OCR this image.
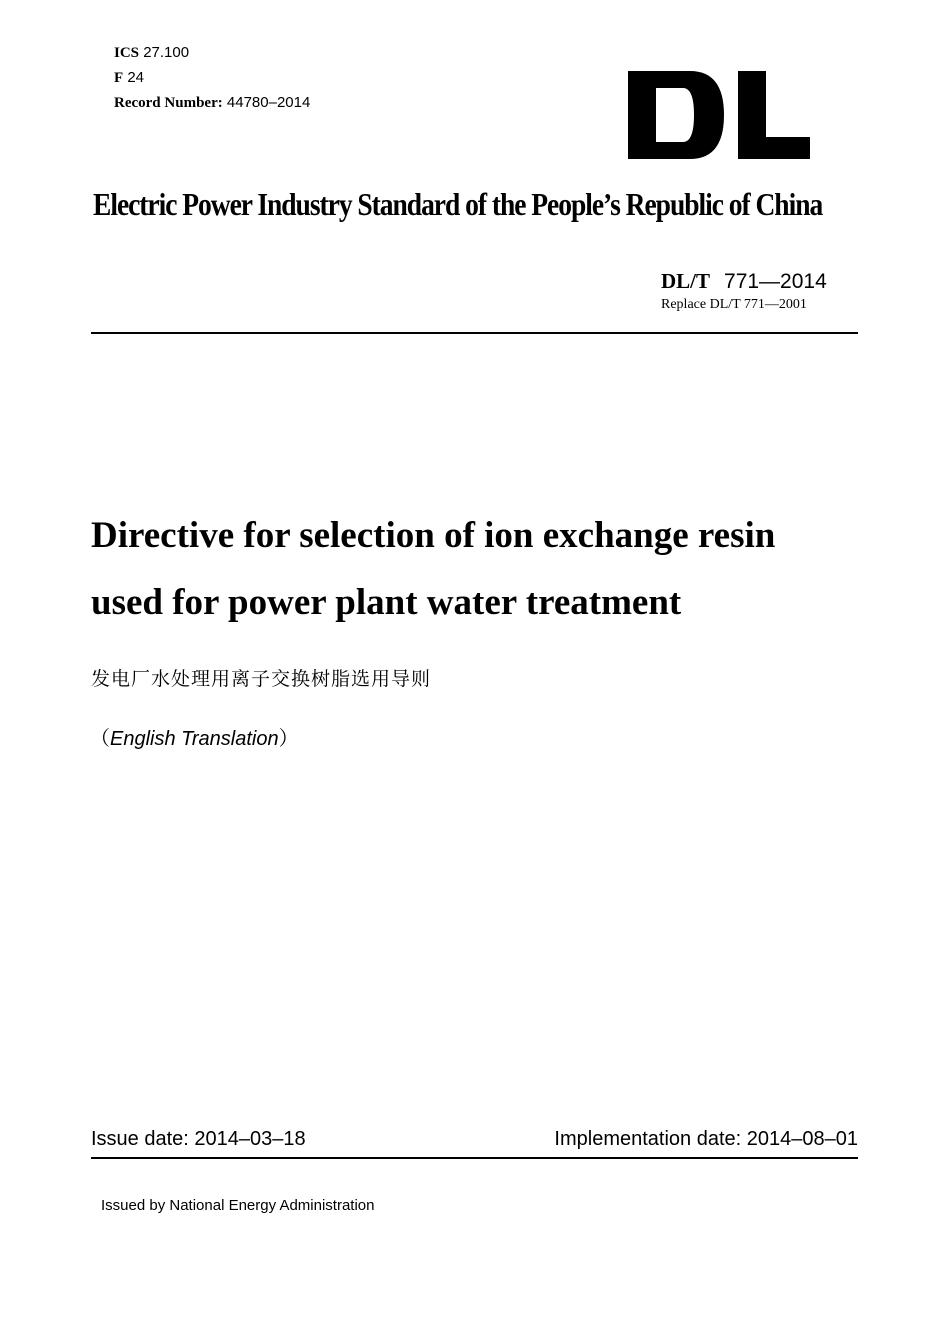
ICS 27.100
F 24
Record Number: 44780–2014
Electric Power Industry Standard of the People’s Republic of China
DL/T 771—2014
Replace DL/T 771—2001
Directive for selection of ion exchange resin
used for power plant water treatment
发电厂水处理用离子交换树脂选用导则
（English Translation）
Issue date: 2014–03–18	Implementation date: 2014–08–01
Issued by National Energy Administration
